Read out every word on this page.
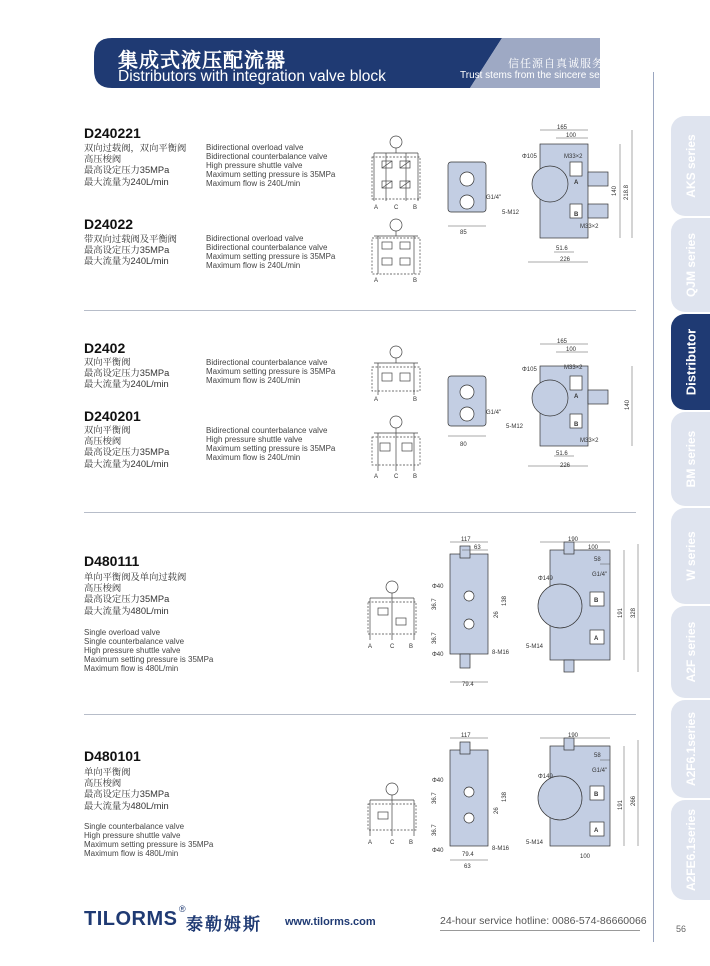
集成式液压配流器
Distributors with integration valve block
信任源自真诚服务!
Trust stems from the sincere service!
AKS series
QJM series
Distributor
BM series
W series
A2F series
A2F6.1series
A2FE6.1series
D240221
双向过载阀，双向平衡阀
高压梭阀
最高设定压力35MPa
最大流量为240L/min
Bidirectional overload valve
Bidirectional counterbalance valve
High pressure shuttle valve
Maximum setting pressure is 35MPa
Maximum flow is 240L/min
D24022
带双向过载阀及平衡阀
最高设定压力35MPa
最大流量为240L/min
Bidirectional overload valve
Bidirectional counterbalance valve
Maximum setting pressure is 35MPa
Maximum flow is 240L/min
D2402
双向平衡阀
最高设定压力35MPa
最大流量为240L/min
Bidirectional counterbalance valve
Maximum setting pressure is 35MPa
Maximum flow is 240L/min
D240201
双向平衡阀
高压梭阀
最高设定压力35MPa
最大流量为240L/min
Bidirectional counterbalance valve
High pressure shuttle valve
Maximum setting pressure is 35MPa
Maximum flow is 240L/min
D480111
单向平衡阀及单向过载阀
高压梭阀
最高设定压力35MPa
最大流量为480L/min
Single overload valve
Single counterbalance valve
High pressure shuttle valve
Maximum setting pressure is 35MPa
Maximum flow is 480L/min
D480101
单向平衡阀
高压梭阀
最高设定压力35MPa
最大流量为480L/min
Single counterbalance valve
High pressure shuttle valve
Maximum setting pressure is 35MPa
Maximum flow is 480L/min
A	C B
A	B
A	B
A	C B
A	C B
A	C B
165
100
Φ105	M33×2
G1/4"
5-M12
M33×2
85
51.6
226
140 218.8
A
B
165
100
Φ105	M33×2
G1/4"
5-M12
M33×2
80
51.6
226
140
A
B
117
63
Φ40
Φ40
36.7
36.7
26
138
8-M16
79.4
190
100
58
G1/4"
Φ149
5-M14
191 328
B
A
117
Φ40
Φ40
36.7
36.7
26
138
8-M16
79.4
63
190
58
G1/4"
Φ149
5-M14
100
191 266
B
A
TILORMS ®
泰勒姆斯 www.tilorms.com	24-hour service hotline: 0086-574-86660066
56
